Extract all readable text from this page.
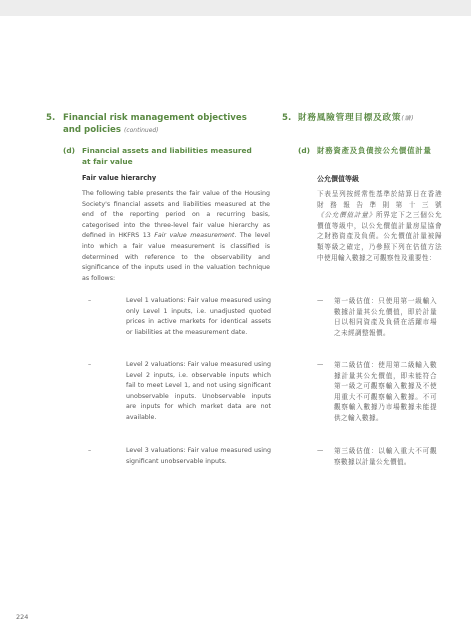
5. Financial risk management objectives and policies (continued)
(d) Financial assets and liabilities measured at fair value
Fair value hierarchy
The following table presents the fair value of the Housing Society's financial assets and liabilities measured at the end of the reporting period on a recurring basis, categorised into the three-level fair value hierarchy as defined in HKFRS 13 Fair value measurement. The level into which a fair value measurement is classified is determined with reference to the observability and significance of the inputs used in the valuation technique as follows:
–	Level 1 valuations: Fair value measured using only Level 1 inputs, i.e. unadjusted quoted prices in active markets for identical assets or liabilities at the measurement date.
–	Level 2 valuations: Fair value measured using Level 2 inputs, i.e. observable inputs which fail to meet Level 1, and not using significant unobservable inputs. Unobservable inputs are inputs for which market data are not available.
–	Level 3 valuations: Fair value measured using significant unobservable inputs.
5. 財務風險管理目標及政策(續)
(d) 財務資產及負債按公允價值計量
公允價值等級
下表呈列按經常性基準於結算日在香港財務報告準則第十三號《公允價值計量》所界定下之三個公允價值等級中，以公允價值計量房屋協會之財務資產及負債。公允價值計量被歸類等級之確定，乃參照下列在估值方法中使用輸入數據之可觀察性及重要性：
— 第一級估值：只使用第一級輸入數據計量其公允價值，即於計量日以相同資產及負債在活躍市場之未經調整報價。
— 第二級估值：使用第二級輸入數據計量其公允價值，即未能符合第一級之可觀察輸入數據及不使用重大不可觀察輸入數據。不可觀察輸入數據乃市場數據未能提供之輸入數據。
— 第三級估值：以輸入重大不可觀察數據以計量公允價值。
224
